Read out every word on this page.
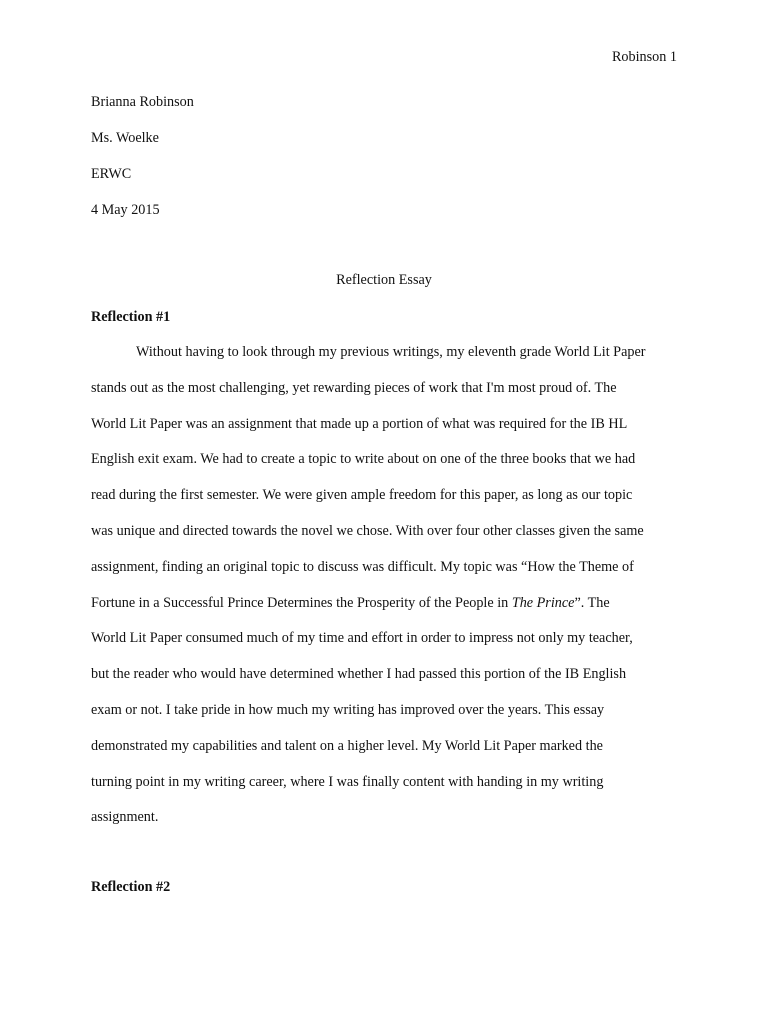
Robinson 1

Brianna Robinson
Ms. Woelke
ERWC
4 May 2015
Reflection Essay
Reflection #1
Without having to look through my previous writings, my eleventh grade World Lit Paper
stands out as the most challenging, yet rewarding pieces of work that I'm most proud of. The
World Lit Paper was an assignment that made up a portion of what was required for the IB HL
English exit exam. We had to create a topic to write about on one of the three books that we had
read during the first semester. We were given ample freedom for this paper, as long as our topic
was unique and directed towards the novel we chose. With over four other classes given the same
assignment, finding an original topic to discuss was difficult. My topic was “How the Theme of
Fortune in a Successful Prince Determines the Prosperity of the People in The Prince”. The
World Lit Paper consumed much of my time and effort in order to impress not only my teacher,
but the reader who would have determined whether I had passed this portion of the IB English
exam or not. I take pride in how much my writing has improved over the years. This essay
demonstrated my capabilities and talent on a higher level. My World Lit Paper marked the
turning point in my writing career, where I was finally content with handing in my writing
assignment.
Reflection #2
